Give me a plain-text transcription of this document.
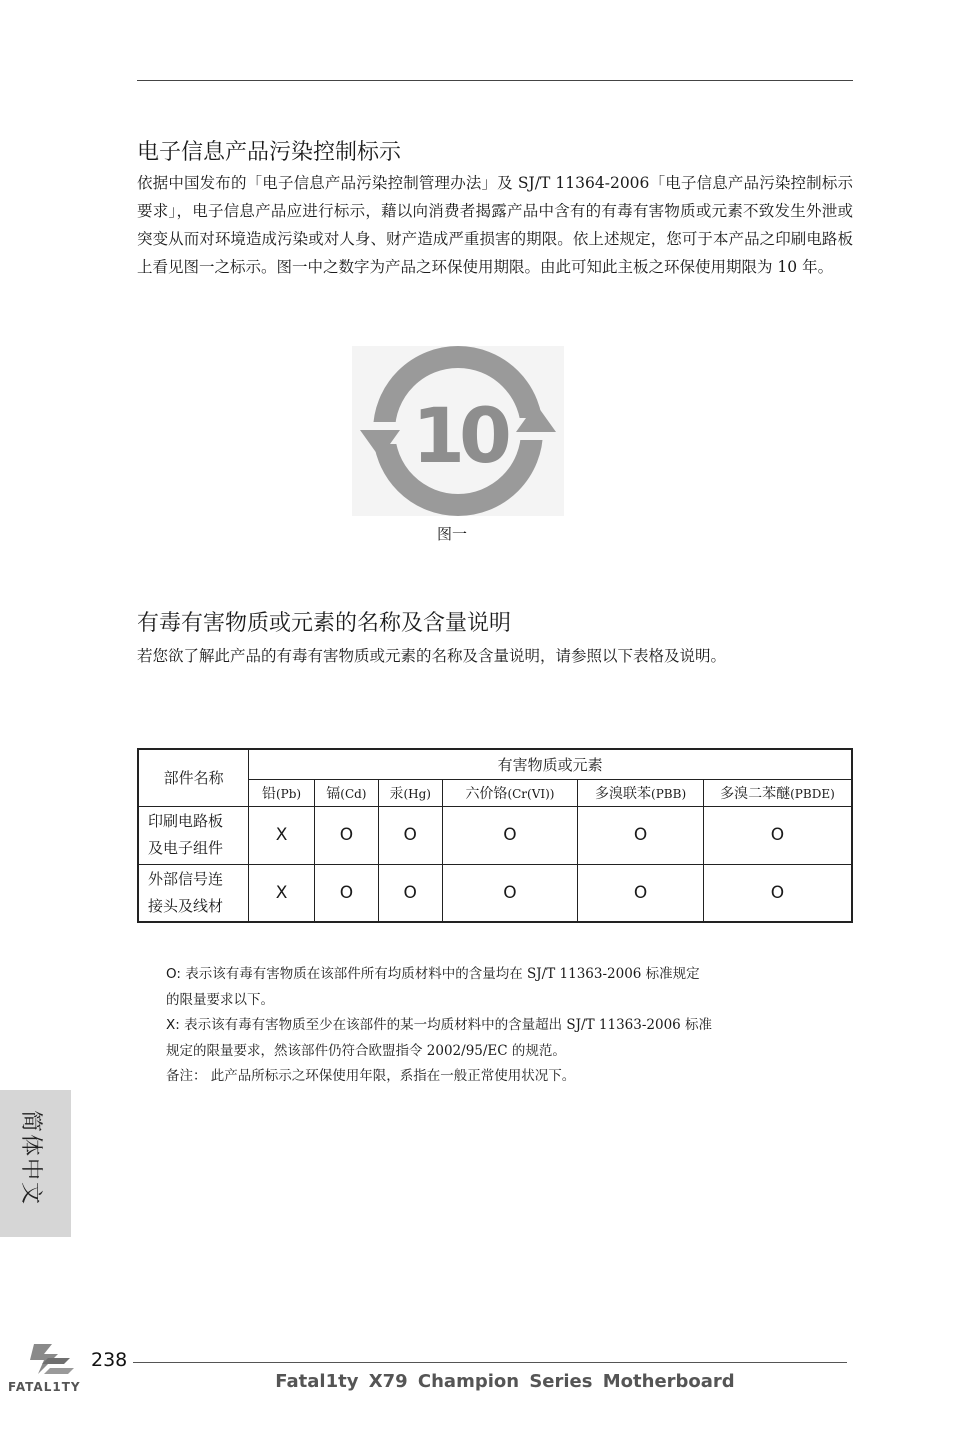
电子信息产品污染控制标示
依据中国发布的「电子信息产品污染控制管理办法」及 SJ/T 11364-2006「电子信息产品污染控制标示要求」，电子信息产品应进行标示，藉以向消费者揭露产品中含有的有毒有害物质或元素不致发生外泄或突变从而对环境造成污染或对人身、财产造成严重损害的期限。依上述规定，您可于本产品之印刷电路板上看见图一之标示。图一中之数字为产品之环保使用期限。由此可知此主板之环保使用期限为 10 年。
10
图一
有毒有害物质或元素的名称及含量说明
若您欲了解此产品的有毒有害物质或元素的名称及含量说明，请参照以下表格及说明。
部件名称	有害物质或元素					
	铅(Pb)	镉(Cd)	汞(Hg)	六价铬(Cr(VI))	多溴联苯(PBB)	多溴二苯醚(PBDE)

印刷电路板
及电子组件	X	O	O	O	O	O

外部信号连
接头及线材	X	O	O	O	O	O
O: 表示该有毒有害物质在该部件所有均质材料中的含量均在 SJ/T 11363-2006 标准规定
的限量要求以下。
X: 表示该有毒有害物质至少在该部件的某一均质材料中的含量超出 SJ/T 11363-2006 标准
规定的限量要求，然该部件仍符合欧盟指令 2002/95/EC 的规范。
备注： 此产品所标示之环保使用年限，系指在一般正常使用状况下。
简体中文
FATAL1TY
238
Fatal1ty X79 Champion Series Motherboard
